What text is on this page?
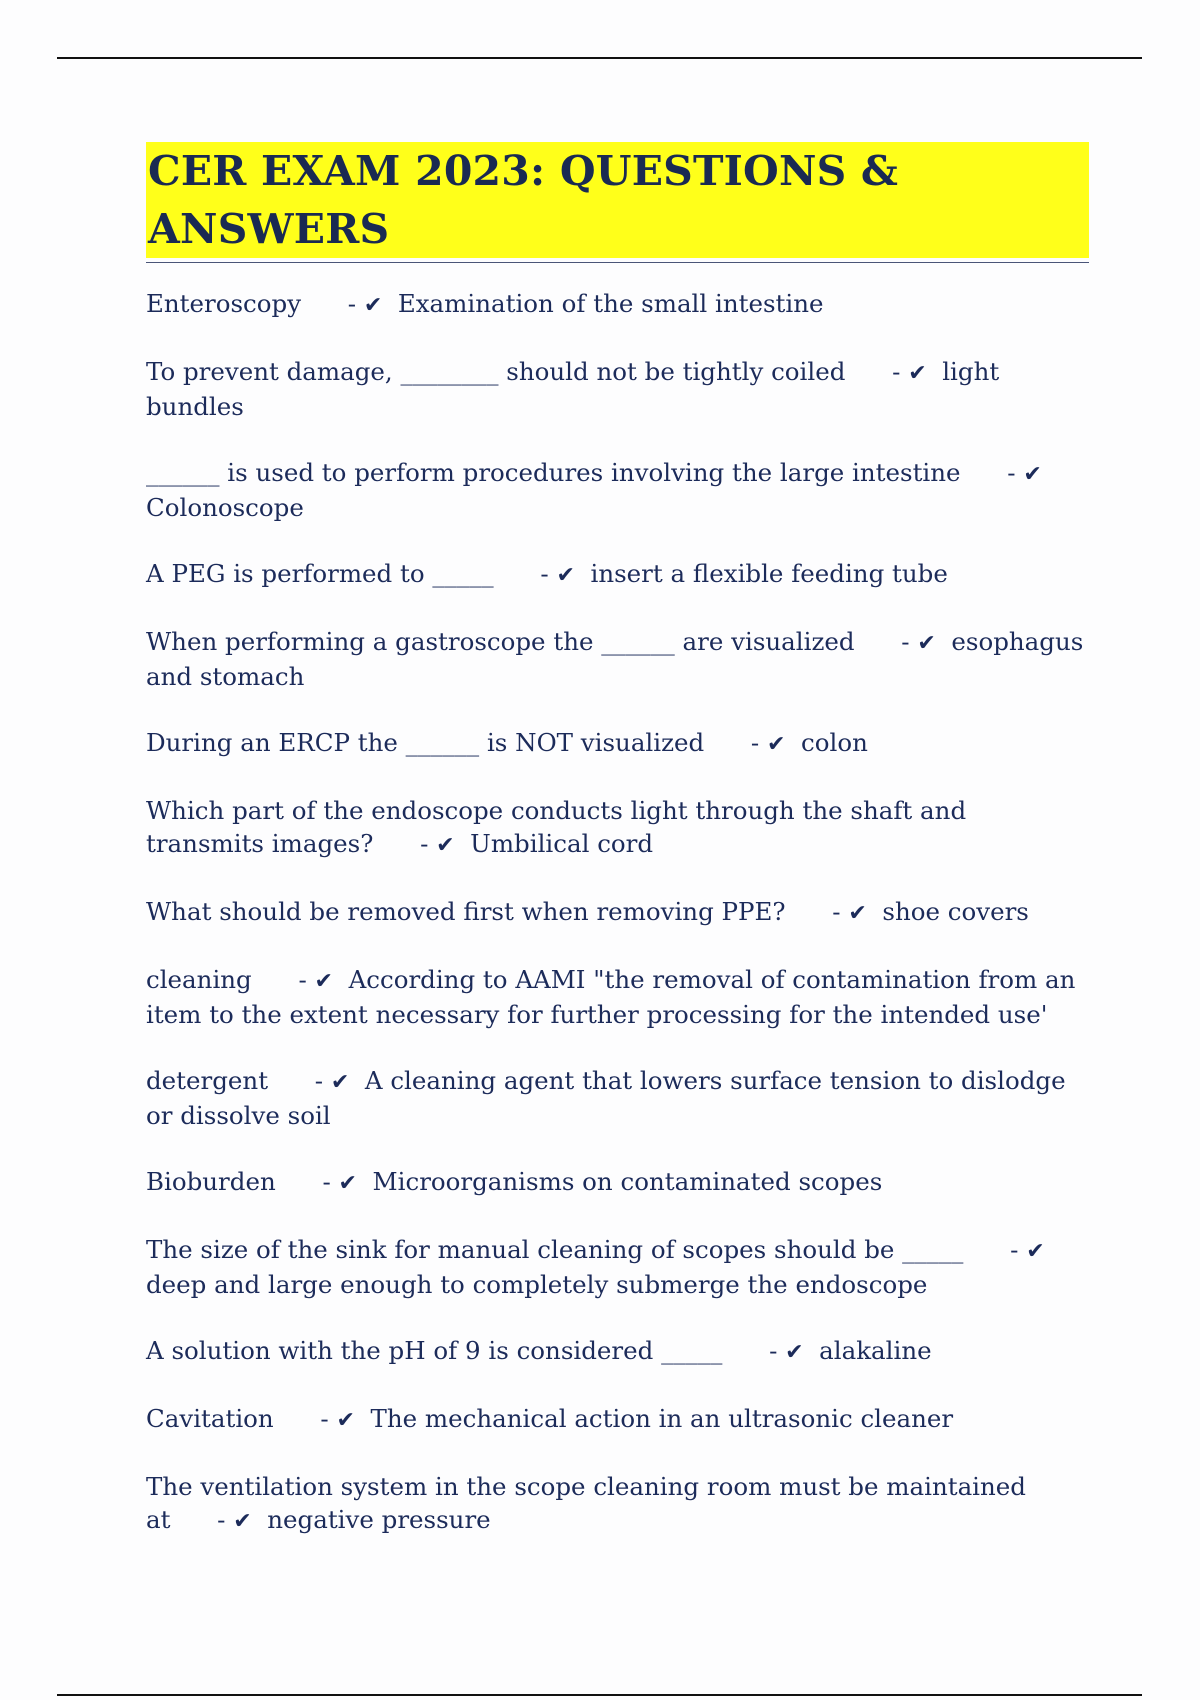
CER EXAM 2023: QUESTIONS & ANSWERS

Enteroscopy      - ✔ Examination of the small intestine

To prevent damage, ________ should not be tightly coiled      - ✔ light bundles

______ is used to perform procedures involving the large intestine      - ✔  Colonoscope

A PEG is performed to _____      - ✔ insert a flexible feeding tube

When performing a gastroscope the ______ are visualized      - ✔ esophagus and stomach

During an ERCP the ______ is NOT visualized      - ✔ colon

Which part of the endoscope conducts light through the shaft and transmits images?      - ✔ Umbilical cord

What should be removed first when removing PPE?      - ✔ shoe covers

cleaning      - ✔ According to AAMI "the removal of contamination from an item to the extent necessary for further processing for the intended use'

detergent      - ✔ A cleaning agent that lowers surface tension to dislodge or dissolve soil

Bioburden      - ✔ Microorganisms on contaminated scopes

The size of the sink for manual cleaning of scopes should be _____      - ✔  deep and large enough to completely submerge the endoscope

A solution with the pH of 9 is considered _____      - ✔ alakaline

Cavitation      - ✔ The mechanical action in an ultrasonic cleaner

The ventilation system in the scope cleaning room must be maintained at      - ✔ negative pressure
